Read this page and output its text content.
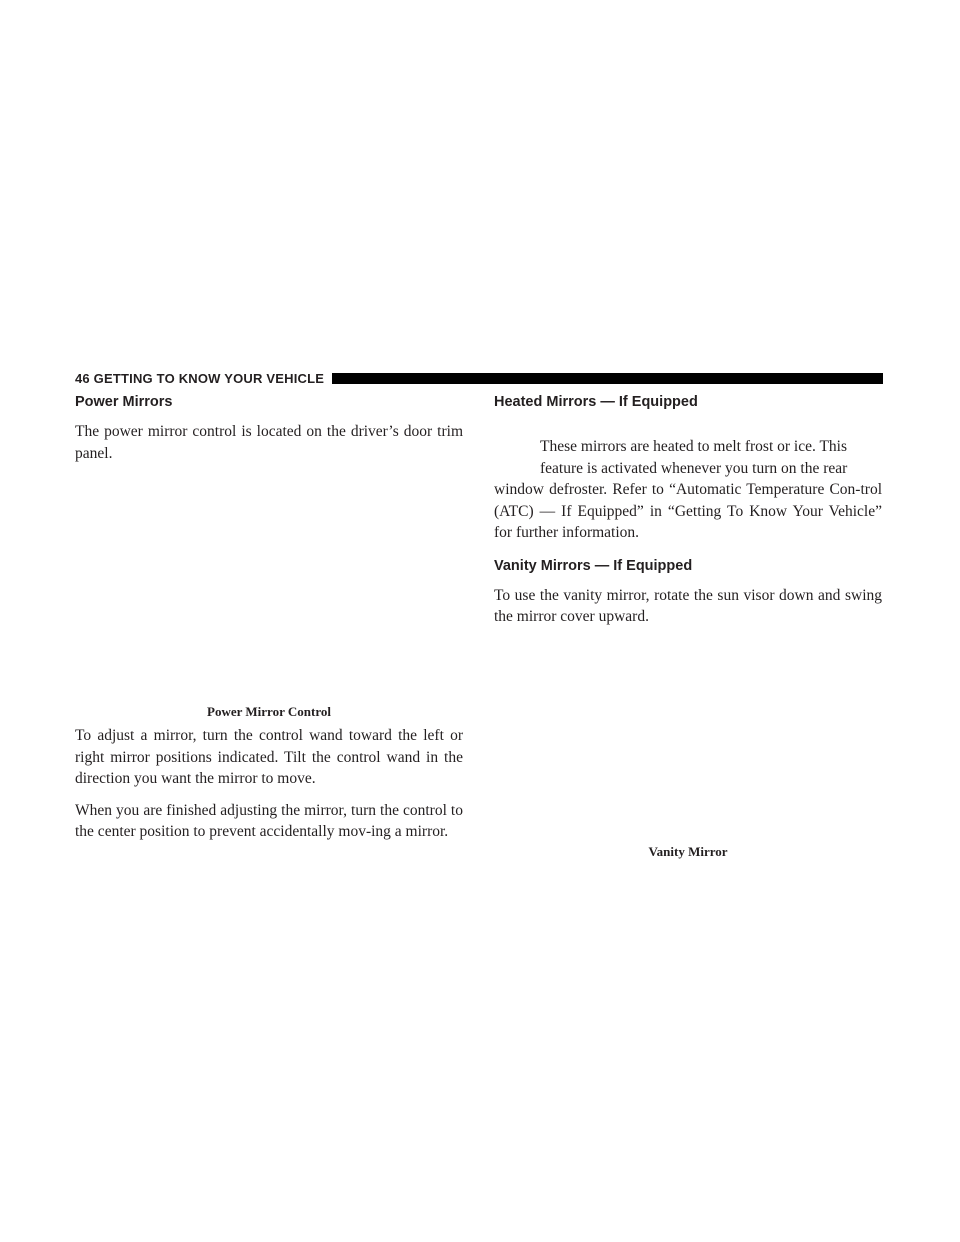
46 GETTING TO KNOW YOUR VEHICLE
Power Mirrors

The power mirror control is located on the driver’s door trim panel.

Power Mirror Control

To adjust a mirror, turn the control wand toward the left or right mirror positions indicated. Tilt the control wand in the direction you want the mirror to move.

When you are finished adjusting the mirror, turn the control to the center position to prevent accidentally mov-ing a mirror.

Heated Mirrors — If Equipped

These mirrors are heated to melt frost or ice. This

feature is activated whenever you turn on the rear

window defroster. Refer to “Automatic Temperature Con-trol (ATC) — If Equipped” in “Getting To Know Your Vehicle” for further information.

Vanity Mirrors — If Equipped

To use the vanity mirror, rotate the sun visor down and swing the mirror cover upward.

Vanity Mirror
